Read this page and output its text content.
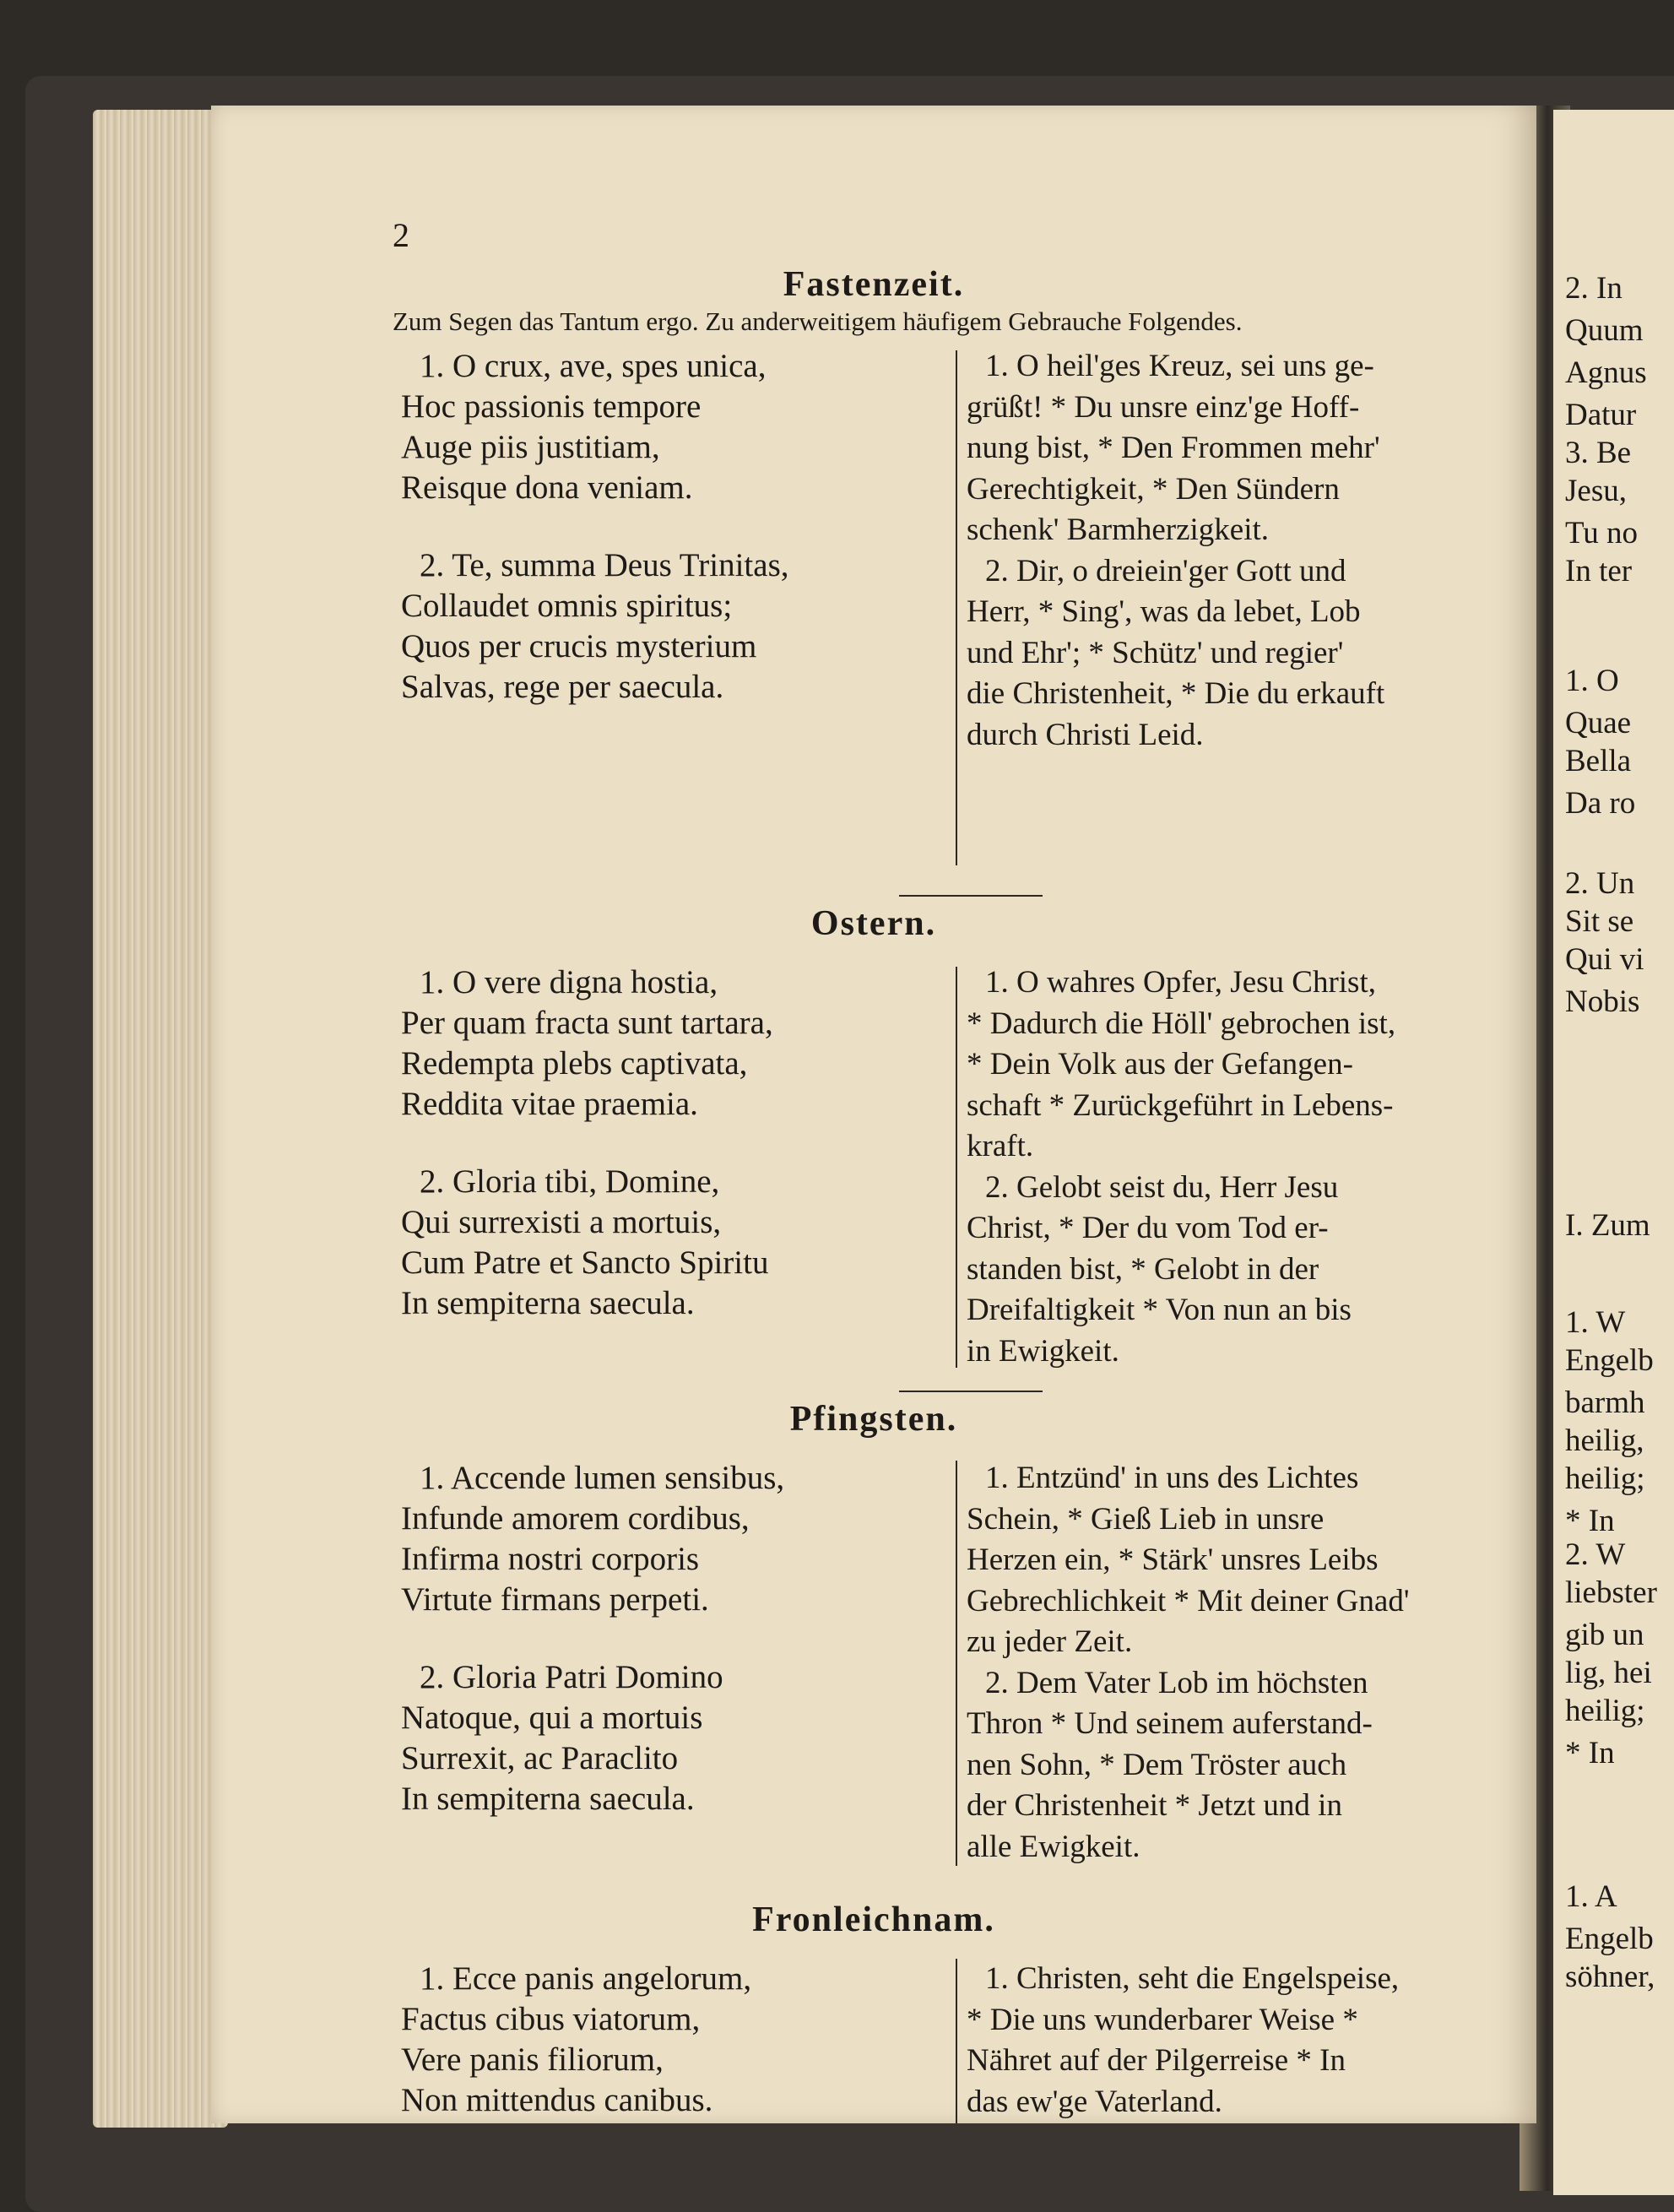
2. In
Quum
Agnus
Datur
3. Be
Jesu,
Tu no
In ter
1. O
Quae
Bella
Da ro
2. Un
Sit se
Qui vi
Nobis
I. Zum
1. W
Engelb
barmh
heilig,
heilig;
* In
2. W
liebster
gib un
lig, hei
heilig;
* In
1. A
Engelb
söhner,
2
Fastenzeit.
Zum Segen das Tantum ergo. Zu anderweitigem häufigem Gebrauche Folgendes.
1. O crux, ave, spes unica,
Hoc passionis tempore
Auge piis justitiam,
Reisque dona veniam.
2. Te, summa Deus Trinitas,
Collaudet omnis spiritus;
Quos per crucis mysterium
Salvas, rege per saecula.
1. O heil'ges Kreuz, sei uns ge-
grüßt! * Du unsre einz'ge Hoff-
nung bist, * Den Frommen mehr'
Gerechtigkeit, * Den Sündern
schenk' Barmherzigkeit.
2. Dir, o dreiein'ger Gott und
Herr, * Sing', was da lebet, Lob
und Ehr'; * Schütz' und regier'
die Christenheit, * Die du erkauft
durch Christi Leid.
Ostern.
1. O vere digna hostia,
Per quam fracta sunt tartara,
Redempta plebs captivata,
Reddita vitae praemia.
2. Gloria tibi, Domine,
Qui surrexisti a mortuis,
Cum Patre et Sancto Spiritu
In sempiterna saecula.
1. O wahres Opfer, Jesu Christ,
* Dadurch die Höll' gebrochen ist,
* Dein Volk aus der Gefangen-
schaft * Zurückgeführt in Lebens-
kraft.
2. Gelobt seist du, Herr Jesu
Christ, * Der du vom Tod er-
standen bist, * Gelobt in der
Dreifaltigkeit * Von nun an bis
in Ewigkeit.
Pfingsten.
1. Accende lumen sensibus,
Infunde amorem cordibus,
Infirma nostri corporis
Virtute firmans perpeti.
2. Gloria Patri Domino
Natoque, qui a mortuis
Surrexit, ac Paraclito
In sempiterna saecula.
1. Entzünd' in uns des Lichtes
Schein, * Gieß Lieb in unsre
Herzen ein, * Stärk' unsres Leibs
Gebrechlichkeit * Mit deiner Gnad'
zu jeder Zeit.
2. Dem Vater Lob im höchsten
Thron * Und seinem auferstand-
nen Sohn, * Dem Tröster auch
der Christenheit * Jetzt und in
alle Ewigkeit.
Fronleichnam.
1. Ecce panis angelorum,
Factus cibus viatorum,
Vere panis filiorum,
Non mittendus canibus.
1. Christen, seht die Engelspeise,
* Die uns wunderbarer Weise *
Nähret auf der Pilgerreise * In
das ew'ge Vaterland.
